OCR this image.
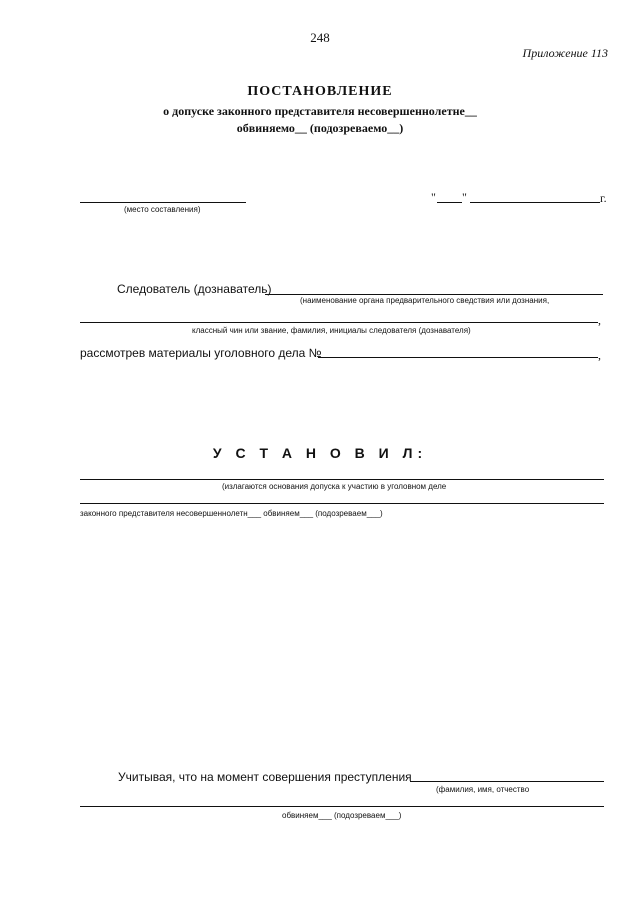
248
Приложение 113
ПОСТАНОВЛЕНИЕ
о допуске законного представителя несовершеннолетне__
обвиняемо__ (подозреваемо__)
(место составления)
" "	г.
Следователь (дознаватель)
(наименование органа предварительного сведствия или дознания,
,
классный чин или звание, фамилия, инициалы следователя (дознавателя)
рассмотрев материалы уголовного дела №	,
У С Т А Н О В И Л:
(излагаются основания допуска к участию в уголовном деле
законного представителя несовершеннолетн___ обвиняем___ (подозреваем___)
Учитывая, что на момент совершения преступления
(фамилия, имя, отчество
обвиняем___ (подозреваем___)
